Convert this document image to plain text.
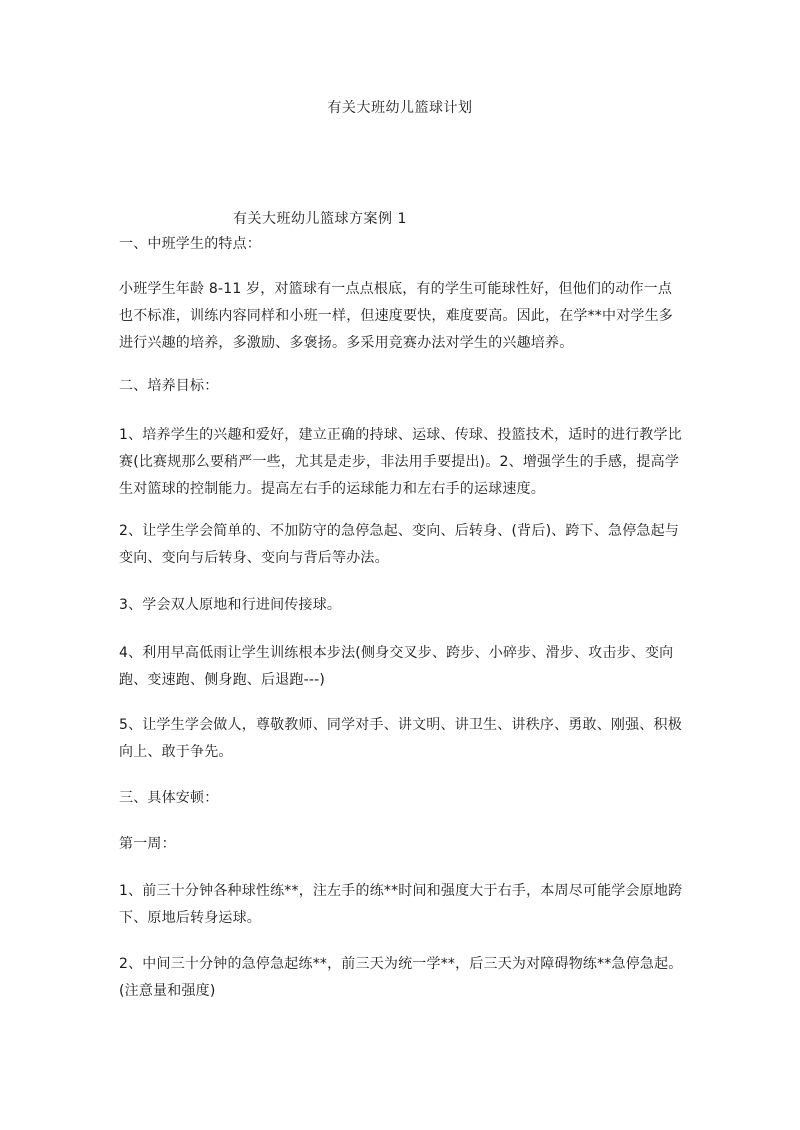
有关大班幼儿篮球计划
有关大班幼儿篮球方案例 1

一、中班学生的特点：

小班学生年龄 8-11 岁，对篮球有一点点根底，有的学生可能球性好，但他们的动作一点也不标准，训练内容同样和小班一样，但速度要快，难度要高。因此，在学**中对学生多进行兴趣的培养，多激励、多褒扬。多采用竞赛办法对学生的兴趣培养。

二、培养目标：

1、培养学生的兴趣和爱好，建立正确的持球、运球、传球、投篮技术，适时的进行教学比赛(比赛规那么要稍严一些，尤其是走步，非法用手要提出)。2、增强学生的手感，提高学生对篮球的控制能力。提高左右手的运球能力和左右手的运球速度。

2、让学生学会简单的、不加防守的急停急起、变向、后转身、(背后)、跨下、急停急起与变向、变向与后转身、变向与背后等办法。

3、学会双人原地和行进间传接球。

4、利用早高低雨让学生训练根本步法(侧身交叉步、跨步、小碎步、滑步、攻击步、变向跑、变速跑、侧身跑、后退跑---)

5、让学生学会做人，尊敬教师、同学对手、讲文明、讲卫生、讲秩序、勇敢、刚强、积极向上、敢于争先。

三、具体安顿：

第一周：

1、前三十分钟各种球性练**，注左手的练**时间和强度大于右手，本周尽可能学会原地跨下、原地后转身运球。

2、中间三十分钟的急停急起练**，前三天为统一学**，后三天为对障碍物练**急停急起。(注意量和强度)
